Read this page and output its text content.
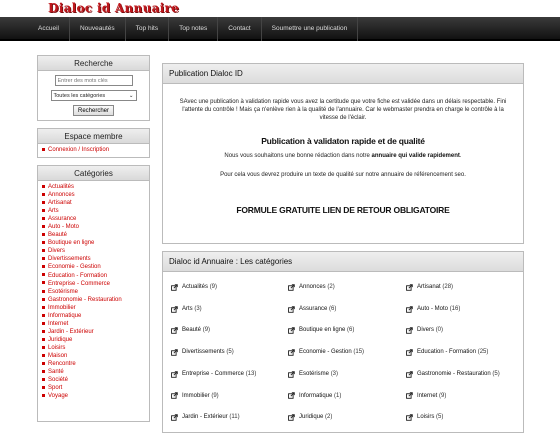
Dialoc id Annuaire
Accueil	Nouveautés	Top hits	Top notes	Contact	Soumettre une publication
Recherche
Entrer des mots clés
Toutes les catégories	⌄
Rechercher
Espace membre
Connexion / Inscription
Catégories
Actualités
Annonces
Artisanat
Arts
Assurance
Auto - Moto
Beauté
Boutique en ligne
Divers
Divertissements
Economie - Gestion
Education - Formation
Entreprise - Commerce
Esotérisme
Gastronomie - Restauration
Immobilier
Informatique
Internet
Jardin - Extérieur
Juridique
Loisirs
Maison
Rencontre
Santé
Société
Sport
Voyage
Publication Dialoc ID
SAvec une publication à validation rapide vous avez la certitude que votre fiche est validée dans un délais respectable. Fini l'attente du contrôle ! Mais ça n'enlève rien à la qualité de l'annuaire. Car le webmaster prendra en charge le contrôle à la vitesse de l'éclair.
Publication à validaton rapide et de qualité
Nous vous souhaitons une bonne rédaction dans notre annuaire qui valide rapidement.
Pour cela vous devrez produire un texte de qualité sur notre annuaire de référencement seo.
FORMULE GRATUITE LIEN DE RETOUR OBLIGATOIRE
Dialoc id Annuaire : Les catégories
Actualités (9)	Annonces (2)	Artisanat (28)
Arts (3)	Assurance (6)	Auto - Moto (16)
Beauté (9)	Boutique en ligne (6)	Divers (0)
Divertissements (5)	Economie - Gestion (15)	Education - Formation (25)
Entreprise - Commerce (13)	Esotérisme (3)	Gastronomie - Restauration (5)
Immobilier (9)	Informatique (1)	Internet (9)
Jardin - Extérieur (11)	Juridique (2)	Loisirs (5)
